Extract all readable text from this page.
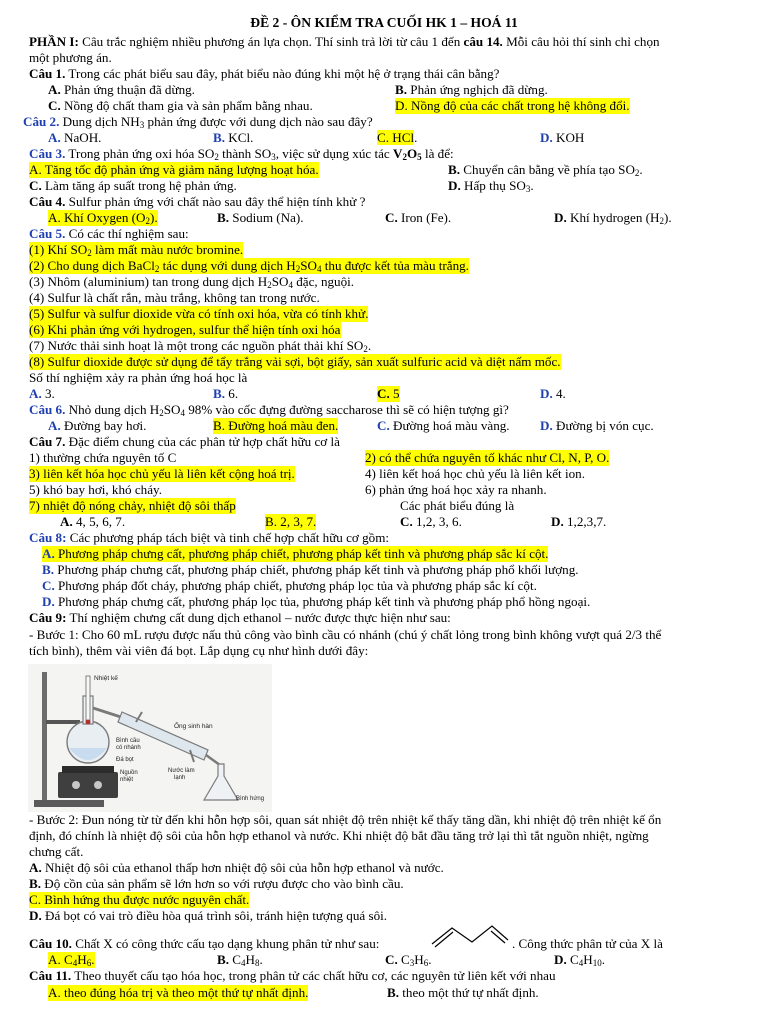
ĐỀ 2 - ÔN KIỂM TRA CUỐI HK 1 – HOÁ 11
PHẦN I: Câu trắc nghiệm nhiều phương án lựa chọn. Thí sinh trả lời từ câu 1 đến câu 14. Mỗi câu hỏi thí sinh chỉ chọn
một phương án.
Câu 1. Trong các phát biểu sau đây, phát biểu nào đúng khi một hệ ở trạng thái cân bằng?
A. Phản ứng thuận đã dừng.	B. Phản ứng nghịch đã dừng.
C. Nồng độ chất tham gia và sản phẩm bằng nhau.	D. Nồng độ của các chất trong hệ không đổi.
Câu 2. Dung dịch $NH_3$ phản ứng được với dung dịch nào sau đây?
A. NaOH.	B. KCl.	C. HCl.	D. KOH
Câu 3. Trong phản ứng oxi hóa $SO_2$ thành $SO_3$, việc sử dụng xúc tác $V_2O_5$ là để:
A. Tăng tốc độ phản ứng và giảm năng lượng hoạt hóa.	B. Chuyển cân bằng về phía tạo $SO_2$.
C. Làm tăng áp suất trong hệ phản ứng.	D. Hấp thụ $SO_3$.
Câu 4. Sulfur phản ứng với chất nào sau đây thể hiện tính khử ?
A. Khí Oxygen $(O_2)$.	B. Sodium (Na).	C. Iron (Fe).	D. Khí hydrogen $(H_2)$.
Câu 5. Có các thí nghiệm sau:
(1) Khí $SO_2$ làm mất màu nước bromine.
(2) Cho dung dịch BaCl$_2$ tác dụng với dung dịch $H_2SO_4$ thu được kết tủa màu trắng.
(3) Nhôm (aluminium) tan trong dung dịch $H_2SO_4$ đặc, nguội.
(4) Sulfur là chất rắn, màu trắng, không tan trong nước.
(5) Sulfur và sulfur dioxide vừa có tính oxi hóa, vừa có tính khử.
(6) Khi phản ứng với hydrogen, sulfur thể hiện tính oxi hóa
(7) Nước thải sinh hoạt là một trong các nguồn phát thải khí $SO_2$.
(8) Sulfur dioxide được sử dụng để tẩy trắng vải sợi, bột giấy, sản xuất sulfuric acid và diệt nấm mốc.
Số thí nghiệm xảy ra phản ứng hoá học là
A. 3.	B. 6.	C. 5	D. 4.
Câu 6. Nhỏ dung dịch $H_2SO_4$ 98% vào cốc đựng đường saccharose thì sẽ có hiện tượng gì?
A. Đường bay hơi.	B. Đường hoá màu đen.	C. Đường hoá màu vàng. D. Đường bị vón cục.
Câu 7. Đặc điểm chung của các phân tử hợp chất hữu cơ là
1) thường chứa nguyên tố C	2) có thể chứa nguyên tố khác như Cl, N, P, O.
3) liên kết hóa học chủ yếu là liên kết cộng hoá trị.	4) liên kết hoá học chủ yếu là liên kết ion.
5) khó bay hơi, khó cháy.	6) phản ứng hoá học xảy ra nhanh.
7) nhiệt độ nóng chảy, nhiệt độ sôi thấp	Các phát biểu đúng là
A. 4, 5, 6, 7.	B. 2, 3, 7.	C. 1,2, 3, 6.	D. 1,2,3,7.
Câu 8: Các phương pháp tách biệt và tinh chế hợp chất hữu cơ gồm:
A. Phương pháp chưng cất, phương pháp chiết, phương pháp kết tinh và phương pháp sắc kí cột.
B. Phương pháp chưng cất, phương pháp chiết, phương pháp kết tinh và phương pháp phổ khối lượng.
C. Phương pháp đốt cháy, phương pháp chiết, phương pháp lọc tủa và phương pháp sắc kí cột.
D. Phương pháp chưng cất, phương pháp lọc tủa, phương pháp kết tinh và phương pháp phổ hồng ngoại.
Câu 9: Thí nghiệm chưng cất dung dịch ethanol – nước được thực hiện như sau:
- Bước 1: Cho 60 mL rượu được nấu thủ công vào bình cầu có nhánh (chú ý chất lỏng trong bình không vượt quá 2/3 thể
tích bình), thêm vài viên đá bọt. Lắp dụng cụ như hình dưới đây:
Nhiệt kế
Ống sinh hàn
Bình cầu
có nhánh
Đá bọt
Nguồn
nhiệt
Nước làm
lạnh
Bình hứng
- Bước 2: Đun nóng từ từ đến khi hỗn hợp sôi, quan sát nhiệt độ trên nhiệt kế thấy tăng dần, khi nhiệt độ trên nhiệt kế ổn
định, đó chính là nhiệt độ sôi của hỗn hợp ethanol và nước. Khi nhiệt độ bắt đầu tăng trở lại thì tắt nguồn nhiệt, ngừng
chưng cất.
A. Nhiệt độ sôi của ethanol thấp hơn nhiệt độ sôi của hỗn hợp ethanol và nước.
B. Độ cồn của sản phẩm sẽ lớn hơn so với rượu được cho vào bình cầu.
C. Bình hứng thu được nước nguyên chất.
D. Đá bọt có vai trò điều hòa quá trình sôi, tránh hiện tượng quá sôi.
Câu 10. Chất X có công thức cấu tạo dạng khung phân tử như sau:	. Công thức phân tử của X là
A. $C_4H_6$.	B. $C_4H_8$.	C. $C_3H_6$.	D. $C_4H_{10}$.
Câu 11. Theo thuyết cấu tạo hóa học, trong phân tử các chất hữu cơ, các nguyên tử liên kết với nhau
A. theo đúng hóa trị và theo một thứ tự nhất định.	B. theo một thứ tự nhất định.
